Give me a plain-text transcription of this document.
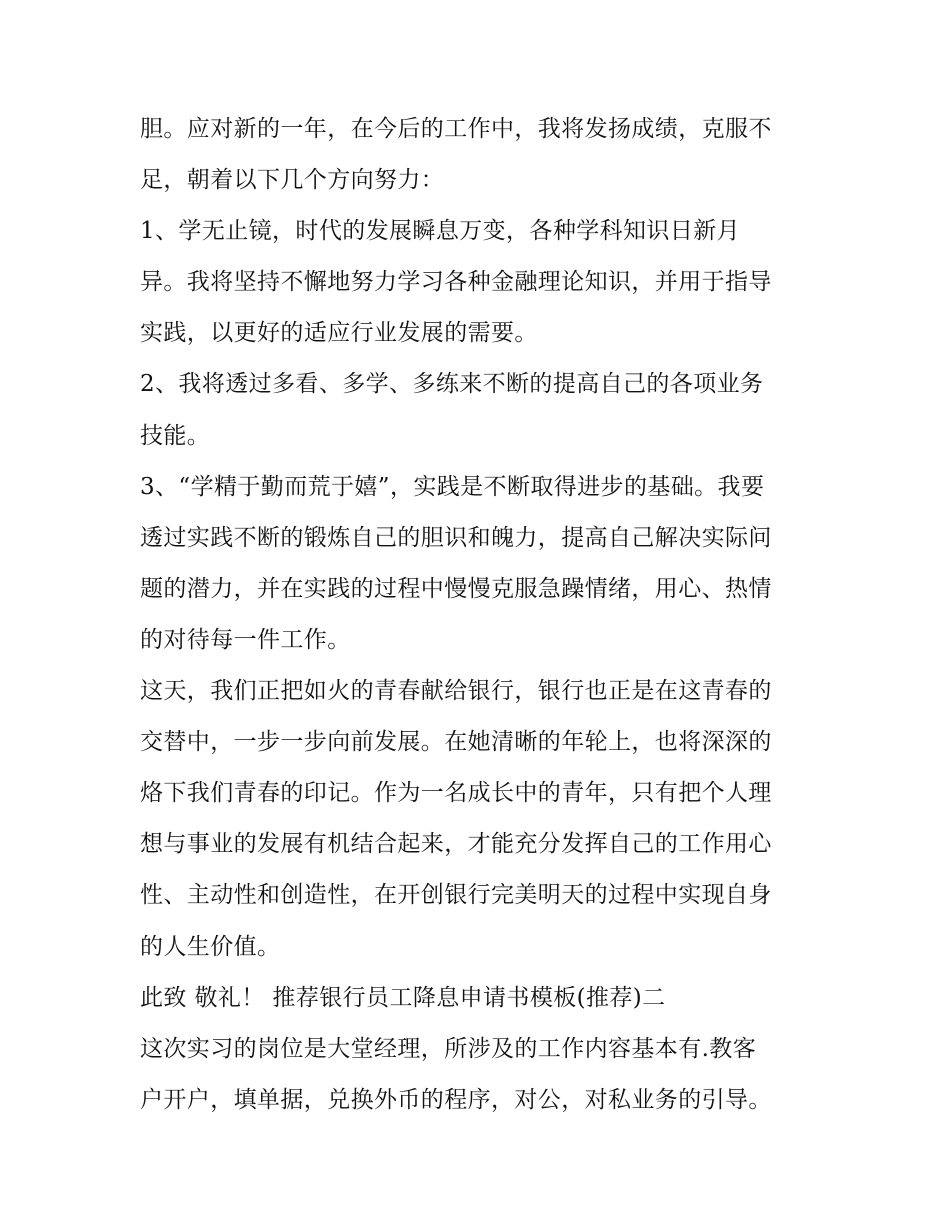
胆。应对新的一年，在今后的工作中，我将发扬成绩，克服不
足，朝着以下几个方向努力：
1、学无止镜，时代的发展瞬息万变，各种学科知识日新月
异。我将坚持不懈地努力学习各种金融理论知识，并用于指导
实践，以更好的适应行业发展的需要。
2、我将透过多看、多学、多练来不断的提高自己的各项业务
技能。
3、“学精于勤而荒于嬉”，实践是不断取得进步的基础。我要
透过实践不断的锻炼自己的胆识和魄力，提高自己解决实际问
题的潜力，并在实践的过程中慢慢克服急躁情绪，用心、热情
的对待每一件工作。
这天，我们正把如火的青春献给银行，银行也正是在这青春的
交替中，一步一步向前发展。在她清晰的年轮上，也将深深的
烙下我们青春的印记。作为一名成长中的青年，只有把个人理
想与事业的发展有机结合起来，才能充分发挥自己的工作用心
性、主动性和创造性，在开创银行完美明天的过程中实现自身
的人生价值。
此致 敬礼！ 推荐银行员工降息申请书模板(推荐)二
这次实习的岗位是大堂经理，所涉及的工作内容基本有.教客
户开户，填单据，兑换外币的程序，对公，对私业务的引导。
